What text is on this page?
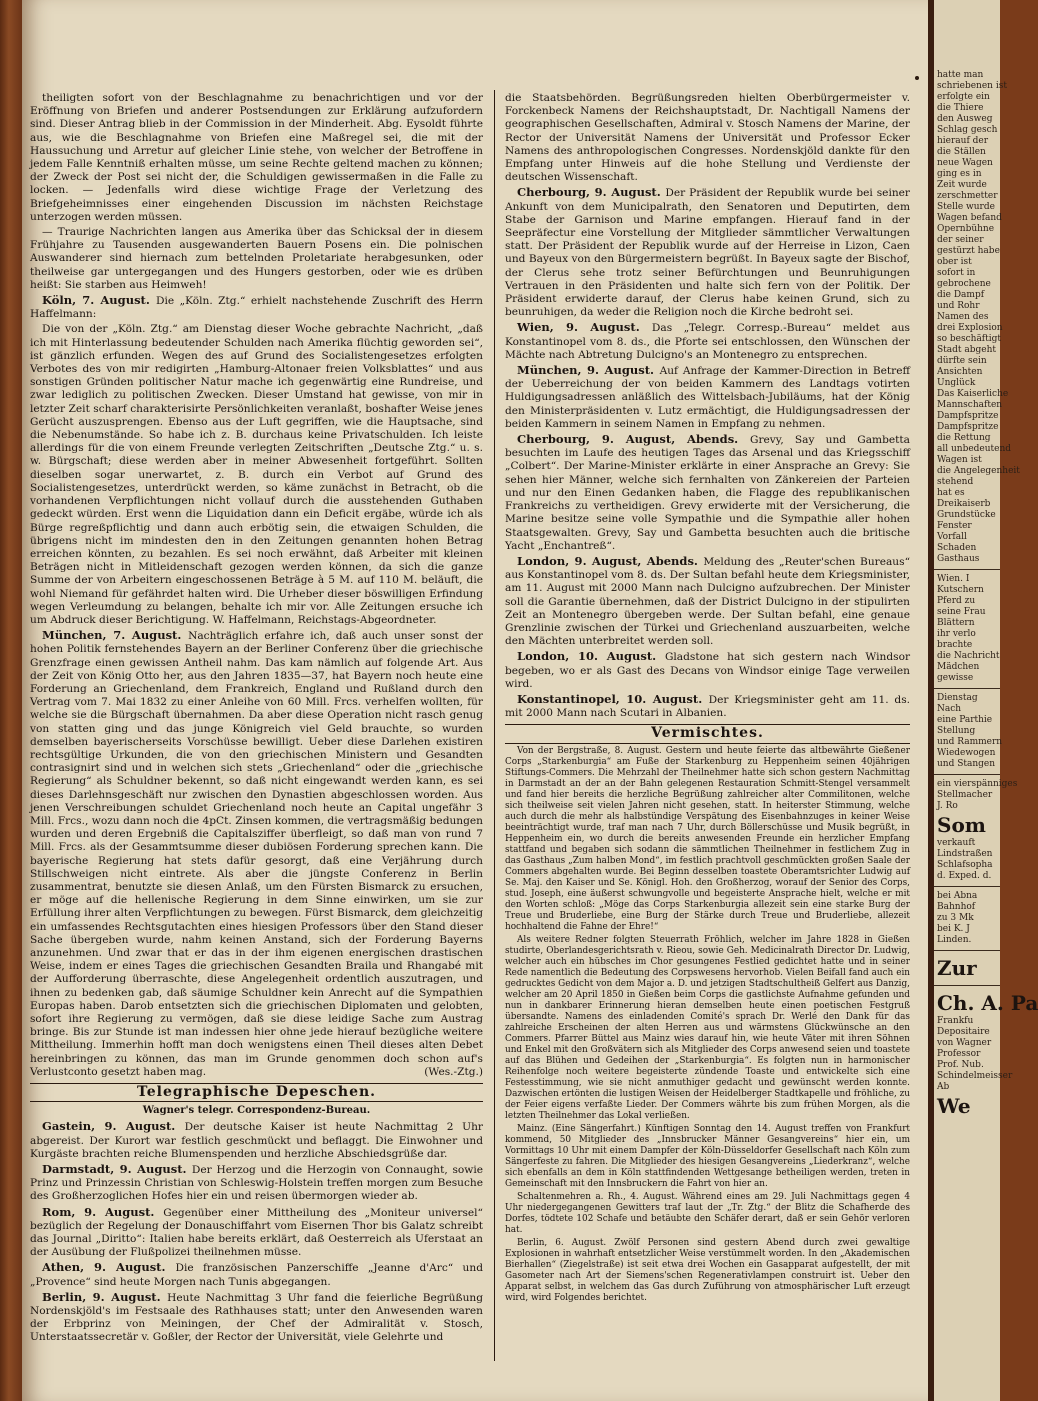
theiligten sofort von der Beschlagnahme zu benachrichtigen und vor der Eröffnung von Briefen und anderer Postsendungen zur Erklärung aufzufordern sind. Dieser Antrag blieb in der Commission in der Minderheit. Abg. Eysoldt führte aus, wie die Beschlagnahme von Briefen eine Maßregel sei, die mit der Haussuchung und Arretur auf gleicher Linie stehe, von welcher der Betroffene in jedem Falle Kenntniß erhalten müsse, um seine Rechte geltend machen zu können; der Zweck der Post sei nicht der, die Schuldigen gewissermaßen in die Falle zu locken. — Jedenfalls wird diese wichtige Frage der Verletzung des Briefgeheimnisses einer eingehenden Discussion im nächsten Reichstage unterzogen werden müssen.

— Traurige Nachrichten langen aus Amerika über das Schicksal der in diesem Frühjahre zu Tausenden ausgewanderten Bauern Posens ein. Die polnischen Auswanderer sind hiernach zum bettelnden Proletariate herabgesunken, oder theilweise gar untergegangen und des Hungers gestorben, oder wie es drüben heißt: Sie starben aus Heimweh!

Köln, 7. August. Die „Köln. Ztg.“ erhielt nachstehende Zuschrift des Herrn Haffelmann:

Die von der „Köln. Ztg.“ am Dienstag dieser Woche gebrachte Nachricht, „daß ich mit Hinterlassung bedeutender Schulden nach Amerika flüchtig geworden sei“, ist gänzlich erfunden. Wegen des auf Grund des Socialistengesetzes erfolgten Verbotes des von mir redigirten „Hamburg-Altonaer freien Volksblattes“ und aus sonstigen Gründen politischer Natur mache ich gegenwärtig eine Rundreise, und zwar lediglich zu politischen Zwecken. Dieser Umstand hat gewisse, von mir in letzter Zeit scharf charakterisirte Persönlichkeiten veranlaßt, boshafter Weise jenes Gerücht auszusprengen. Ebenso aus der Luft gegriffen, wie die Hauptsache, sind die Nebenumstände. So habe ich z. B. durchaus keine Privatschulden. Ich leiste allerdings für die von einem Freunde verlegten Zeitschriften „Deutsche Ztg.“ u. s. w. Bürgschaft; diese werden aber in meiner Abwesenheit fortgeführt. Sollten dieselben sogar unerwartet, z. B. durch ein Verbot auf Grund des Socialistengesetzes, unterdrückt werden, so käme zunächst in Betracht, ob die vorhandenen Verpflichtungen nicht vollauf durch die ausstehenden Guthaben gedeckt würden. Erst wenn die Liquidation dann ein Deficit ergäbe, würde ich als Bürge regreßpflichtig und dann auch erbötig sein, die etwaigen Schulden, die übrigens nicht im mindesten den in den Zeitungen genannten hohen Betrag erreichen könnten, zu bezahlen. Es sei noch erwähnt, daß Arbeiter mit kleinen Beträgen nicht in Mitleidenschaft gezogen werden können, da sich die ganze Summe der von Arbeitern eingeschossenen Beträge à 5 M. auf 110 M. beläuft, die wohl Niemand für gefährdet halten wird. Die Urheber dieser böswilligen Erfindung wegen Verleumdung zu belangen, behalte ich mir vor. Alle Zeitungen ersuche ich um Abdruck dieser Berichtigung. W. Haffelmann, Reichstags-Abgeordneter.

München, 7. August. Nachträglich erfahre ich, daß auch unser sonst der hohen Politik fernstehendes Bayern an der Berliner Conferenz über die griechische Grenzfrage einen gewissen Antheil nahm. Das kam nämlich auf folgende Art. Aus der Zeit von König Otto her, aus den Jahren 1835—37, hat Bayern noch heute eine Forderung an Griechenland, dem Frankreich, England und Rußland durch den Vertrag vom 7. Mai 1832 zu einer Anleihe von 60 Mill. Frcs. verhelfen wollten, für welche sie die Bürgschaft übernahmen. Da aber diese Operation nicht rasch genug von statten ging und das junge Königreich viel Geld brauchte, so wurden demselben bayerischerseits Vorschüsse bewilligt. Ueber diese Darlehen existiren rechtsgültige Urkunden, die von den griechischen Ministern und Gesandten contrasignirt sind und in welchen sich stets „Griechenland“ oder die „griechische Regierung“ als Schuldner bekennt, so daß nicht eingewandt werden kann, es sei dieses Darlehnsgeschäft nur zwischen den Dynastien abgeschlossen worden. Aus jenen Verschreibungen schuldet Griechenland noch heute an Capital ungefähr 3 Mill. Frcs., wozu dann noch die 4pCt. Zinsen kommen, die vertragsmäßig bedungen wurden und deren Ergebniß die Capitalsziffer überfleigt, so daß man von rund 7 Mill. Frcs. als der Gesammtsumme dieser dubiösen Forderung sprechen kann. Die bayerische Regierung hat stets dafür gesorgt, daß eine Verjährung durch Stillschweigen nicht eintrete. Als aber die jüngste Conferenz in Berlin zusammentrat, benutzte sie diesen Anlaß, um den Fürsten Bismarck zu ersuchen, er möge auf die hellenische Regierung in dem Sinne einwirken, um sie zur Erfüllung ihrer alten Verpflichtungen zu bewegen. Fürst Bismarck, dem gleichzeitig ein umfassendes Rechtsgutachten eines hiesigen Professors über den Stand dieser Sache übergeben wurde, nahm keinen Anstand, sich der Forderung Bayerns anzunehmen. Und zwar that er das in der ihm eigenen energischen drastischen Weise, indem er eines Tages die griechischen Gesandten Braila und Rhangabé mit der Aufforderung überraschte, diese Angelegenheit ordentlich auszutragen, und ihnen zu bedenken gab, daß säumige Schuldner kein Anrecht auf die Sympathien Europas haben. Darob entsetzten sich die griechischen Diplomaten und gelobten, sofort ihre Regierung zu vermögen, daß sie diese leidige Sache zum Austrag bringe. Bis zur Stunde ist man indessen hier ohne jede hierauf bezügliche weitere Mittheilung. Immerhin hofft man doch wenigstens einen Theil dieses alten Debet hereinbringen zu können, das man im Grunde genommen doch schon auf's Verlustconto gesetzt haben mag.	(Wes.-Ztg.)

Telegraphische Depeschen.
Wagner's telegr. Correspondenz-Bureau.

Gastein, 9. August. Der deutsche Kaiser ist heute Nachmittag 2 Uhr abgereist. Der Kurort war festlich geschmückt und beflaggt. Die Einwohner und Kurgäste brachten reiche Blumenspenden und herzliche Abschiedsgrüße dar.

Darmstadt, 9. August. Der Herzog und die Herzogin von Connaught, sowie Prinz und Prinzessin Christian von Schleswig-Holstein treffen morgen zum Besuche des Großherzoglichen Hofes hier ein und reisen übermorgen wieder ab.

Rom, 9. August. Gegenüber einer Mittheilung des „Moniteur universel“ bezüglich der Regelung der Donauschiffahrt vom Eisernen Thor bis Galatz schreibt das Journal „Diritto“: Italien habe bereits erklärt, daß Oesterreich als Uferstaat an der Ausübung der Flußpolizei theilnehmen müsse.

Athen, 9. August. Die französischen Panzerschiffe „Jeanne d'Arc“ und „Provence“ sind heute Morgen nach Tunis abgegangen.

Berlin, 9. August. Heute Nachmittag 3 Uhr fand die feierliche Begrüßung Nordenskjöld's im Festsaale des Rathhauses statt; unter den Anwesenden waren der Erbprinz von Meiningen, der Chef der Admiralität v. Stosch, Unterstaatssecretär v. Goßler, der Rector der Universität, viele Gelehrte und

die Staatsbehörden. Begrüßungsreden hielten Oberbürgermeister v. Forckenbeck Namens der Reichshauptstadt, Dr. Nachtigall Namens der geographischen Gesellschaften, Admiral v. Stosch Namens der Marine, der Rector der Universität Namens der Universität und Professor Ecker Namens des anthropologischen Congresses. Nordenskjöld dankte für den Empfang unter Hinweis auf die hohe Stellung und Verdienste der deutschen Wissenschaft.

Cherbourg, 9. August. Der Präsident der Republik wurde bei seiner Ankunft von dem Municipalrath, den Senatoren und Deputirten, dem Stabe der Garnison und Marine empfangen. Hierauf fand in der Seepräfectur eine Vorstellung der Mitglieder sämmtlicher Verwaltungen statt. Der Präsident der Republik wurde auf der Herreise in Lizon, Caen und Bayeux von den Bürgermeistern begrüßt. In Bayeux sagte der Bischof, der Clerus sehe trotz seiner Befürchtungen und Beunruhigungen Vertrauen in den Präsidenten und halte sich fern von der Politik. Der Präsident erwiderte darauf, der Clerus habe keinen Grund, sich zu beunruhigen, da weder die Religion noch die Kirche bedroht sei.

Wien, 9. August. Das „Telegr. Corresp.-Bureau“ meldet aus Konstantinopel vom 8. ds., die Pforte sei entschlossen, den Wünschen der Mächte nach Abtretung Dulcigno's an Montenegro zu entsprechen.

München, 9. August. Auf Anfrage der Kammer-Direction in Betreff der Ueberreichung der von beiden Kammern des Landtags votirten Huldigungsadressen anläßlich des Wittelsbach-Jubiläums, hat der König den Ministerpräsidenten v. Lutz ermächtigt, die Huldigungsadressen der beiden Kammern in seinem Namen in Empfang zu nehmen.

Cherbourg, 9. August, Abends. Grevy, Say und Gambetta besuchten im Laufe des heutigen Tages das Arsenal und das Kriegsschiff „Colbert“. Der Marine-Minister erklärte in einer Ansprache an Grevy: Sie sehen hier Männer, welche sich fernhalten von Zänkereien der Parteien und nur den Einen Gedanken haben, die Flagge des republikanischen Frankreichs zu vertheidigen. Grevy erwiderte mit der Versicherung, die Marine besitze seine volle Sympathie und die Sympathie aller hohen Staatsgewalten. Grevy, Say und Gambetta besuchten auch die britische Yacht „Enchantreß“.

London, 9. August, Abends. Meldung des „Reuter'schen Bureaus“ aus Konstantinopel vom 8. ds. Der Sultan befahl heute dem Kriegsminister, am 11. August mit 2000 Mann nach Dulcigno aufzubrechen. Der Minister soll die Garantie übernehmen, daß der District Dulcigno in der stipulirten Zeit an Montenegro übergeben werde. Der Sultan befahl, eine genaue Grenzlinie zwischen der Türkei und Griechenland auszuarbeiten, welche den Mächten unterbreitet werden soll.

London, 10. August. Gladstone hat sich gestern nach Windsor begeben, wo er als Gast des Decans von Windsor einige Tage verweilen wird.

Konstantinopel, 10. August. Der Kriegsminister geht am 11. ds. mit 2000 Mann nach Scutari in Albanien.

Vermischtes.

Von der Bergstraße, 8. August. Gestern und heute feierte das altbewährte Gießener Corps „Starkenburgia“ am Fuße der Starkenburg zu Heppenheim seinen 40jährigen Stiftungs-Commers. Die Mehrzahl der Theilnehmer hatte sich schon gestern Nachmittag in Darmstadt an der an der Bahn gelegenen Restauration Schmitt-Stengel versammelt und fand hier bereits die herzliche Begrüßung zahlreicher alter Commilitonen, welche sich theilweise seit vielen Jahren nicht gesehen, statt. In heiterster Stimmung, welche auch durch die mehr als halbstündige Verspätung des Eisenbahnzuges in keiner Weise beeinträchtigt wurde, traf man nach 7 Uhr, durch Böllerschüsse und Musik begrüßt, in Heppenheim ein, wo durch die bereits anwesenden Freunde ein herzlicher Empfang stattfand und begaben sich sodann die sämmtlichen Theilnehmer in festlichem Zug in das Gasthaus „Zum halben Mond“, im festlich prachtvoll geschmückten großen Saale der Commers abgehalten wurde. Bei Beginn desselben toastete Oberamtsrichter Ludwig auf Se. Maj. den Kaiser und Se. Königl. Hoh. den Großherzog, worauf der Senior des Corps, stud. Joseph, eine äußerst schwungvolle und begeisterte Ansprache hielt, welche er mit den Worten schloß: „Möge das Corps Starkenburgia allezeit sein eine starke Burg der Treue und Bruderliebe, eine Burg der Stärke durch Treue und Bruderliebe, allezeit hochhaltend die Fahne der Ehre!“

Als weitere Redner folgten Steuerrath Fröhlich, welcher im Jahre 1828 in Gießen studirte, Oberlandesgerichtsrath v. Rieou, sowie Geh. Medicinalrath Director Dr. Ludwig, welcher auch ein hübsches im Chor gesungenes Festlied gedichtet hatte und in seiner Rede namentlich die Bedeutung des Corpswesens hervorhob. Vielen Beifall fand auch ein gedrucktes Gedicht von dem Major a. D. und jetzigen Stadtschultheiß Gelfert aus Danzig, welcher am 20 April 1850 in Gießen beim Corps die gastlichste Aufnahme gefunden und nun in dankbarer Erinnerung hieran demselben heute einen poetischen Festgruß übersandte. Namens des einladenden Comité's sprach Dr. Werlé den Dank für das zahlreiche Erscheinen der alten Herren aus und wärmstens Glückwünsche an den Commers. Pfarrer Büttel aus Mainz wies darauf hin, wie heute Väter mit ihren Söhnen und Enkel mit den Großvätern sich als Mitglieder des Corps anwesend seien und toastete auf das Blühen und Gedeihen der „Starkenburgia“. Es folgten nun in harmonischer Reihenfolge noch weitere begeisterte zündende Toaste und entwickelte sich eine Festesstimmung, wie sie nicht anmuthiger gedacht und gewünscht werden konnte. Dazwischen ertönten die lustigen Weisen der Heidelberger Stadtkapelle und fröhliche, zu der Feier eigens verfaßte Lieder. Der Commers währte bis zum frühen Morgen, als die letzten Theilnehmer das Lokal verließen.

Mainz. (Eine Sängerfahrt.) Künftigen Sonntag den 14. August treffen von Frankfurt kommend, 50 Mitglieder des „Innsbrucker Männer Gesangvereins“ hier ein, um Vormittags 10 Uhr mit einem Dampfer der Köln-Düsseldorfer Gesellschaft nach Köln zum Sängerfeste zu fahren. Die Mitglieder des hiesigen Gesangvereins „Liederkranz“, welche sich ebenfalls an dem in Köln stattfindenden Wettgesange betheiligen werden, treten in Gemeinschaft mit den Innsbruckern die Fahrt von hier an.

Schaltenmehren a. Rh., 4. August. Während eines am 29. Juli Nachmittags gegen 4 Uhr niedergegangenen Gewitters traf laut der „Tr. Ztg.“ der Blitz die Schafherde des Dorfes, tödtete 102 Schafe und betäubte den Schäfer derart, daß er sein Gehör verloren hat.

Berlin, 6. August. Zwölf Personen sind gestern Abend durch zwei gewaltige Explosionen in wahrhaft entsetzlicher Weise verstümmelt worden. In den „Akademischen Bierhallen“ (Ziegelstraße) ist seit etwa drei Wochen ein Gasapparat aufgestellt, der mit Gasometer nach Art der Siemens'schen Regenerativlampen construirt ist. Ueber den Apparat selbst, in welchem das Gas durch Zuführung von atmosphärischer Luft erzeugt wird, wird Folgendes berichtet.

hatte man
schriebenen ist
erfolgte ein
die Thiere
den Ausweg
Schlag gesch
hierauf der
die Ställen
neue Wagen
ging es in
Zeit wurde
zerschmetter
Stelle wurde
Wagen befand
Opernbühne
der seiner
gestürzt habe
ober ist
sofort in
gebrochene
die Dampf
und Rohr
Namen des
drei Explosion
so beschäftigt
Stadt abgeht
dürfte sein
Ansichten
Unglück
Das Kaiserliche
Mannschaften
Dampfspritze
Dampfspritze
die Rettung
all unbedeutend
Wagen ist
die Angelegenheit
stehend
hat es
Dreikaiserb
Grundstücke
Fenster
Vorfall
Schaden
Gasthaus
Wien. I
Kutschern
Pferd zu
seine Frau
Blättern
ihr verlo
brachte
die Nachricht
Mädchen
gewisse
Dienstag
Nach
eine Parthie
Stellung
und Rammern
Wiedewogen
und Stangen
ein vierspänniges
Stellmacher
J. Ro
Som
verkauft
Lindstraßen
Schlafsopha
d. Exped. d.
bei Abna
Bahnhof
zu 3 Mk
bei K. J
Linden.
Zur
Ch. A. Pa
Frankfu
Depositaire
von Wagner
Professor
Prof. Nub.
Schindelmeisser
Ab
We
